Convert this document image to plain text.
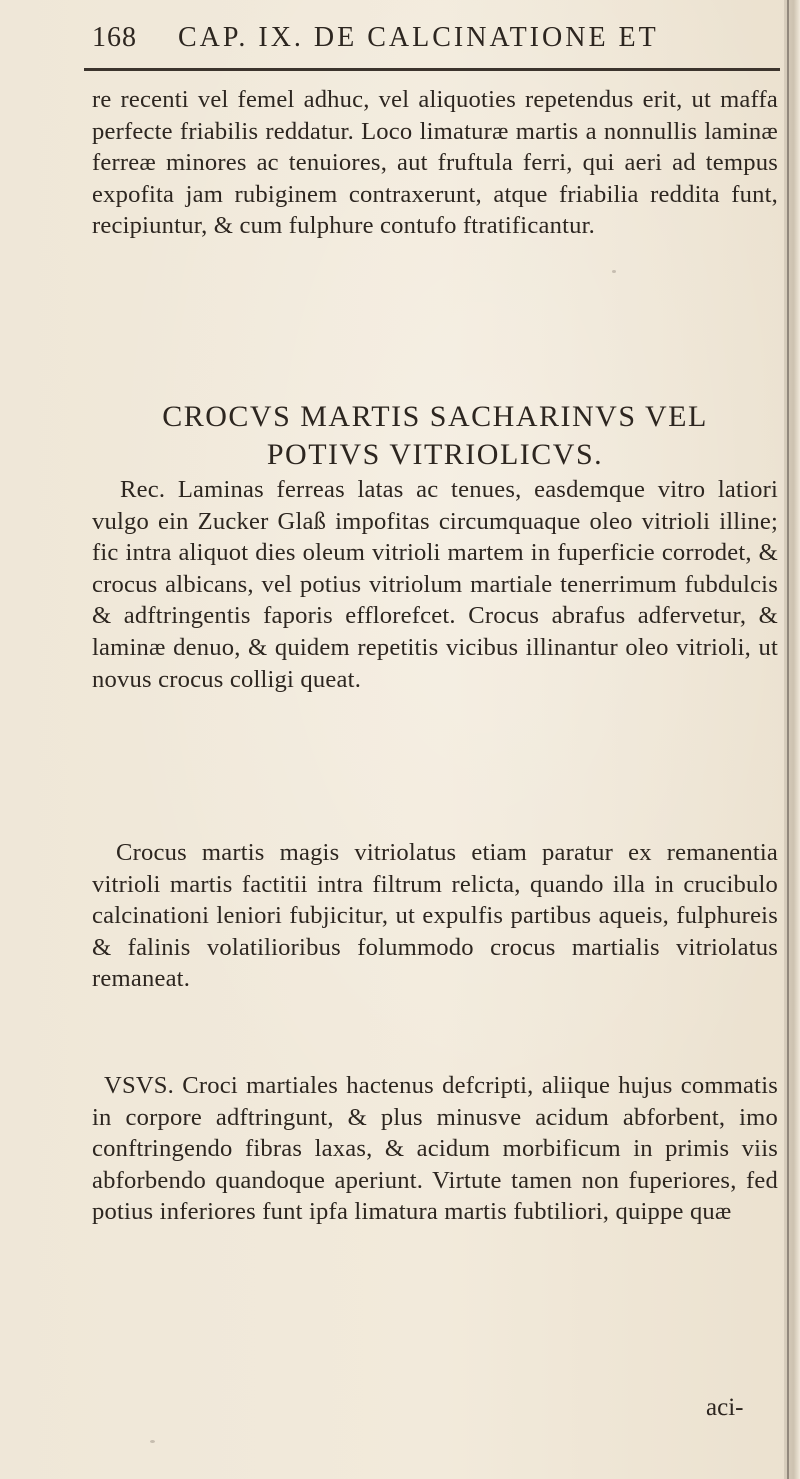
168 CAP. IX. DE CALCINATIONE ET

re recenti vel femel adhuc, vel aliquoties repetendus erit, ut maffa perfecte friabilis reddatur. Loco limaturæ martis a nonnullis laminæ ferreæ minores ac tenuiores, aut fruftula ferri, qui aeri ad tempus expofita jam rubiginem contraxerunt, atque friabilia reddita funt, recipiuntur, & cum fulphure contufo ftratificantur.

CROCVS MARTIS SACHARINVS VEL
POTIVS VITRIOLICVS.

Rec. Laminas ferreas latas ac tenues, easdemque vitro latiori vulgo ein Zucker Glaß impofitas circumquaque oleo vitrioli illine; fic intra aliquot dies oleum vitrioli martem in fuperficie corrodet, & crocus albicans, vel potius vitriolum martiale tenerrimum fubdulcis & adftringentis faporis efflorefcet. Crocus abrafus adfervetur, & laminæ denuo, & quidem repetitis vicibus illinantur oleo vitrioli, ut novus crocus colligi queat.

Crocus martis magis vitriolatus etiam paratur ex remanentia vitrioli martis factitii intra filtrum relicta, quando illa in crucibulo calcinationi leniori fubjicitur, ut expulfis partibus aqueis, fulphureis & falinis volatilioribus folummodo crocus martialis vitriolatus remaneat.

VSVS. Croci martiales hactenus defcripti, aliique hujus commatis in corpore adftringunt, & plus minusve acidum abforbent, imo conftringendo fibras laxas, & acidum morbificum in primis viis abforbendo quandoque aperiunt. Virtute tamen non fuperiores, fed potius inferiores funt ipfa limatura martis fubtiliori, quippe quæ

aci-
